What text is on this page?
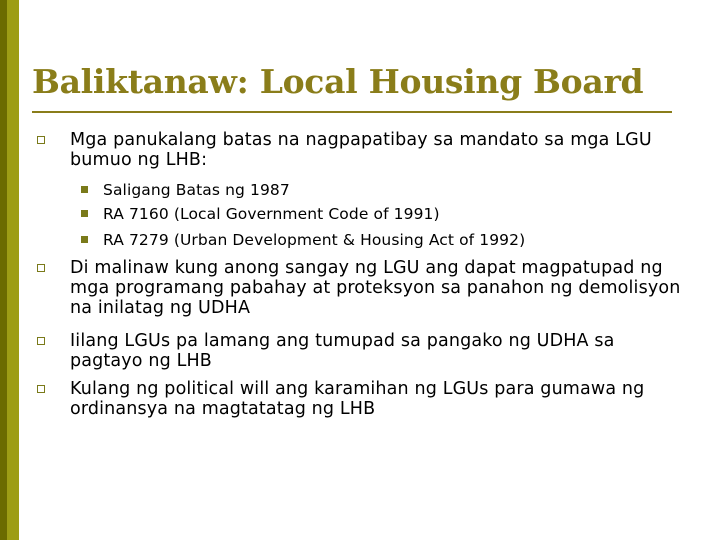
Baliktanaw: Local Housing Board
Mga panukalang batas na nagpapatibay sa mandato sa mga LGU bumuo ng LHB:
Saligang Batas ng 1987
RA 7160 (Local Government Code of 1991)
RA 7279 (Urban Development & Housing Act of 1992)
Di malinaw kung anong sangay ng LGU ang dapat magpatupad ng mga programang pabahay at proteksyon sa panahon ng demolisyon na inilatag ng UDHA
Iilang LGUs pa lamang ang tumupad sa pangako ng UDHA sa pagtayo ng LHB
Kulang ng political will ang karamihan ng LGUs para gumawa ng ordinansya na magtatatag ng LHB
